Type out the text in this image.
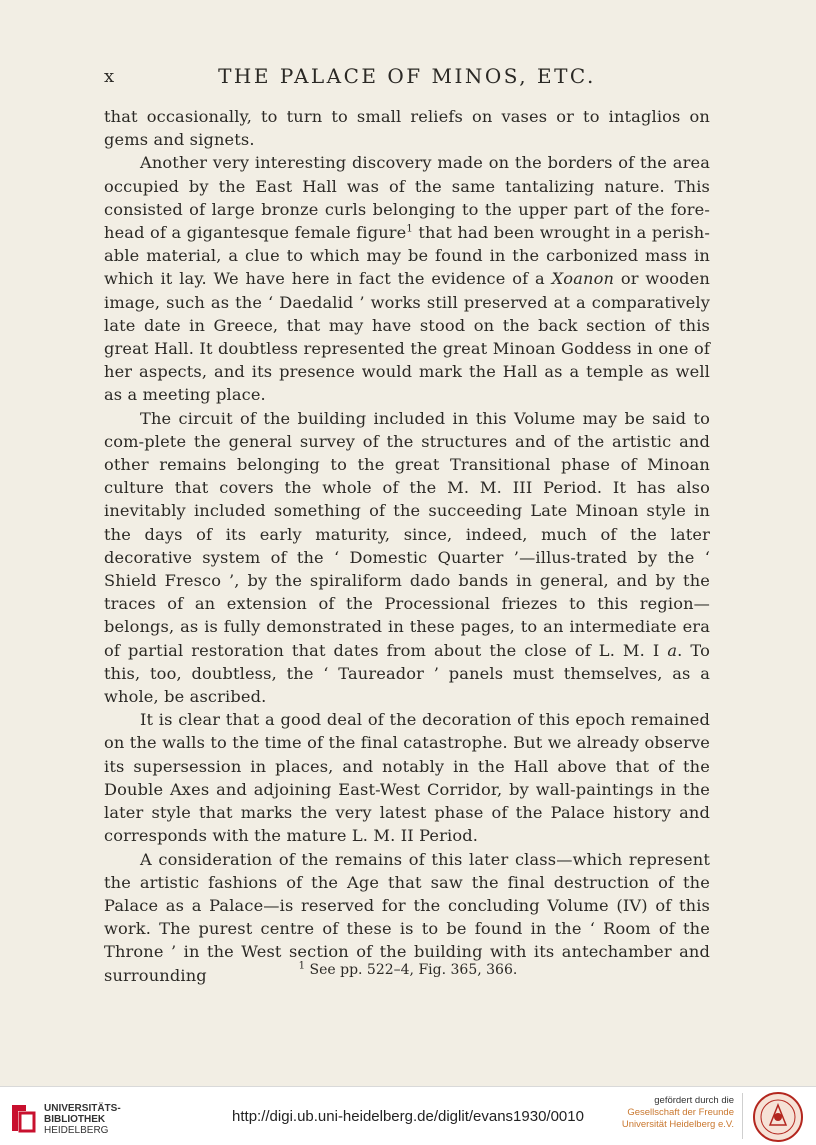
x	THE PALACE OF MINOS, ETC.

that occasionally, to turn to small reliefs on vases or to intaglios on gems and signets.

Another very interesting discovery made on the borders of the area occupied by the East Hall was of the same tantalizing nature. This consisted of large bronze curls belonging to the upper part of the fore-head of a gigantesque female figure$^1$ that had been wrought in a perish-able material, a clue to which may be found in the carbonized mass in which it lay. We have here in fact the evidence of a Xoanon or wooden image, such as the ‘ Daedalid ’ works still preserved at a comparatively late date in Greece, that may have stood on the back section of this great Hall. It doubtless represented the great Minoan Goddess in one of her aspects, and its presence would mark the Hall as a temple as well as a meeting place.

The circuit of the building included in this Volume may be said to com-plete the general survey of the structures and of the artistic and other remains belonging to the great Transitional phase of Minoan culture that covers the whole of the M. M. III Period. It has also inevitably included something of the succeeding Late Minoan style in the days of its early maturity, since, indeed, much of the later decorative system of the ‘ Domestic Quarter ’—illus-trated by the ‘ Shield Fresco ’, by the spiraliform dado bands in general, and by the traces of an extension of the Processional friezes to this region—belongs, as is fully demonstrated in these pages, to an intermediate era of partial restoration that dates from about the close of L. M. I a. To this, too, doubtless, the ‘ Taureador ’ panels must themselves, as a whole, be ascribed.

It is clear that a good deal of the decoration of this epoch remained on the walls to the time of the final catastrophe. But we already observe its supersession in places, and notably in the Hall above that of the Double Axes and adjoining East-West Corridor, by wall-paintings in the later style that marks the very latest phase of the Palace history and corresponds with the mature L. M. II Period.

A consideration of the remains of this later class—which represent the artistic fashions of the Age that saw the final destruction of the Palace as a Palace—is reserved for the concluding Volume (IV) of this work. The purest centre of these is to be found in the ‘ Room of the Throne ’ in the West section of the building with its antechamber and surrounding	$^1$ See pp. 522–4, Fig. 365, 366.
UNIVERSITÄTS-
BIBLIOTHEK
HEIDELBERG
http://digi.ub.uni-heidelberg.de/diglit/evans1930/0010
gefördert durch die
Gesellschaft der Freunde
Universität Heidelberg e.V.
